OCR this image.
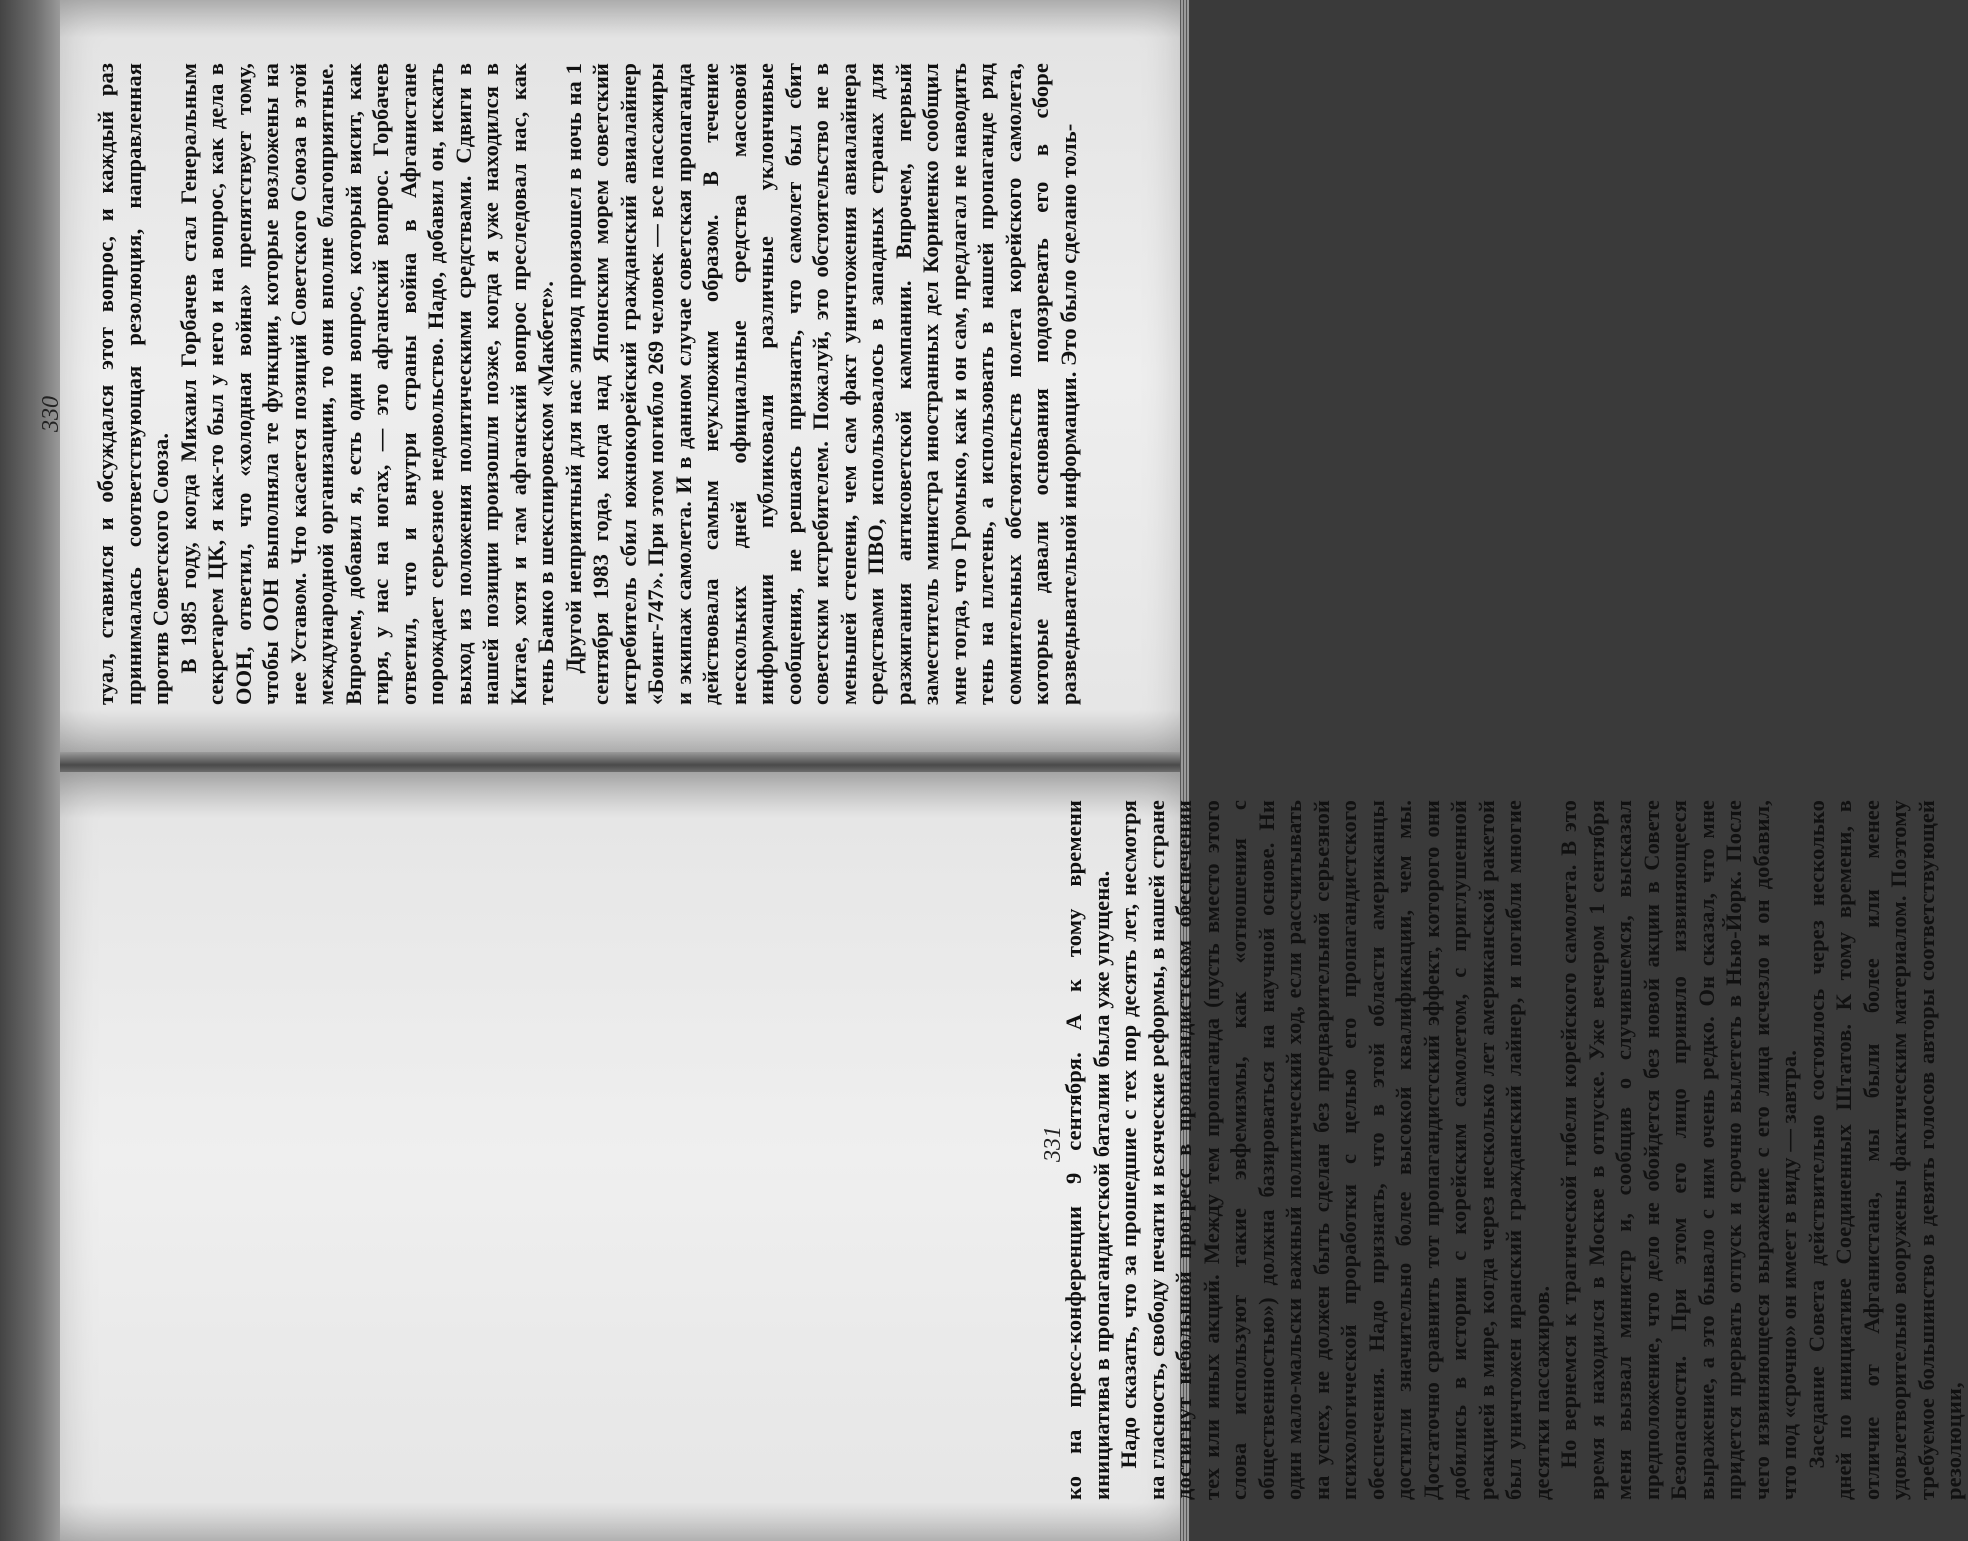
туал, ставился и обсуждался этот вопрос, и каждый раз принималась соответствующая резолюция, направленная против Советского Союза. В 1985 году, когда Михаил Горбачев стал Генеральным секретарем ЦК, я как-то был у него и на вопрос, как дела в ООН, ответил, что «холодная война» препятствует тому, чтобы ООН выполняла те функции, которые возложены на нее Уставом. Что касается позиций Советского Союза в этой международной организации, то они вполне благоприятные. Впрочем, добавил я, есть один вопрос, который висит, как гиря, у нас на ногах, — это афганский вопрос. Горбачев ответил, что и внутри страны война в Афганистане порождает серьезное недовольство. Надо, добавил он, искать выход из положения политическими средствами. Сдвиги в нашей позиции произошли позже, когда я уже находился в Китае, хотя и там афганский вопрос преследовал нас, как тень Банко в шекспировском «Макбете». Другой неприятный для нас эпизод произошел в ночь на 1 сентября 1983 года, когда над Японским морем советский истребитель сбил южнокорейский гражданский авиалайнер «Боинг-747». При этом погибло 269 человек — все пассажиры и экипаж самолета. И в данном случае советская пропаганда действовала самым неуклюжим образом. В течение нескольких дней официальные средства массовой информации публиковали различные уклончивые сообщения, не решаясь признать, что самолет был сбит советским истребителем. Пожалуй, это обстоятельство не в меньшей степени, чем сам факт уничтожения авиалайнера средствами ПВО, использовалось в западных странах для разжигания антисоветской кампании. Впрочем, первый заместитель министра иностранных дел Корниенко сообщил мне тогда, что Громыко, как и он сам, предлагал не наводить тень на плетень, а использовать в нашей пропаганде ряд сомнительных обстоятельств полета корейского самолета, которые давали основания подозревать его в сборе разведывательной информации. Это было сделано толь-

330

ко на пресс-конференции 9 сентября. А к тому времени инициатива в пропагандистской баталии была уже упущена. Надо сказать, что за прошедшие с тех пор десять лет, несмотря на гласность, свободу печати и всяческие реформы, в нашей стране достигнут небольшой прогресс в пропагандистском обеспечении тех или иных акций. Между тем пропаганда (пусть вместо этого слова используют такие эвфемизмы, как «отношения с общественностью») должна базироваться на научной основе. Ни один мало-мальски важный политический ход, если рассчитывать на успех, не должен быть сделан без предварительной серьезной психологической проработки с целью его пропагандистского обеспечения. Надо признать, что в этой области американцы достигли значительно более высокой квалификации, чем мы. Достаточно сравнить тот пропагандистский эффект, которого они добились в истории с корейским самолетом, с приглушенной реакцией в мире, когда через несколько лет американской ракетой был уничтожен иранский гражданский лайнер, и погибли многие десятки пассажиров. Но вернемся к трагической гибели корейского самолета. В это время я находился в Москве в отпуске. Уже вечером 1 сентября меня вызвал министр и, сообщив о случившемся, высказал предположение, что дело не обойдется без новой акции в Совете Безопасности. При этом его лицо приняло извиняющееся выражение, а это бывало с ним очень редко. Он сказал, что мне придется прервать отпуск и срочно вылететь в Нью-Йорк. После чего извиняющееся выражение с его лица исчезло и он добавил, что под «срочно» он имеет в виду — завтра. Заседание Совета действительно состоялось через несколько дней по инициативе Соединенных Штатов. К тому времени, в отличие от Афганистана, мы были более или менее удовлетворительно вооружены фактическим материалом. Поэтому требуемое большинство в девять голосов авторы соответствующей резолюции,

331
